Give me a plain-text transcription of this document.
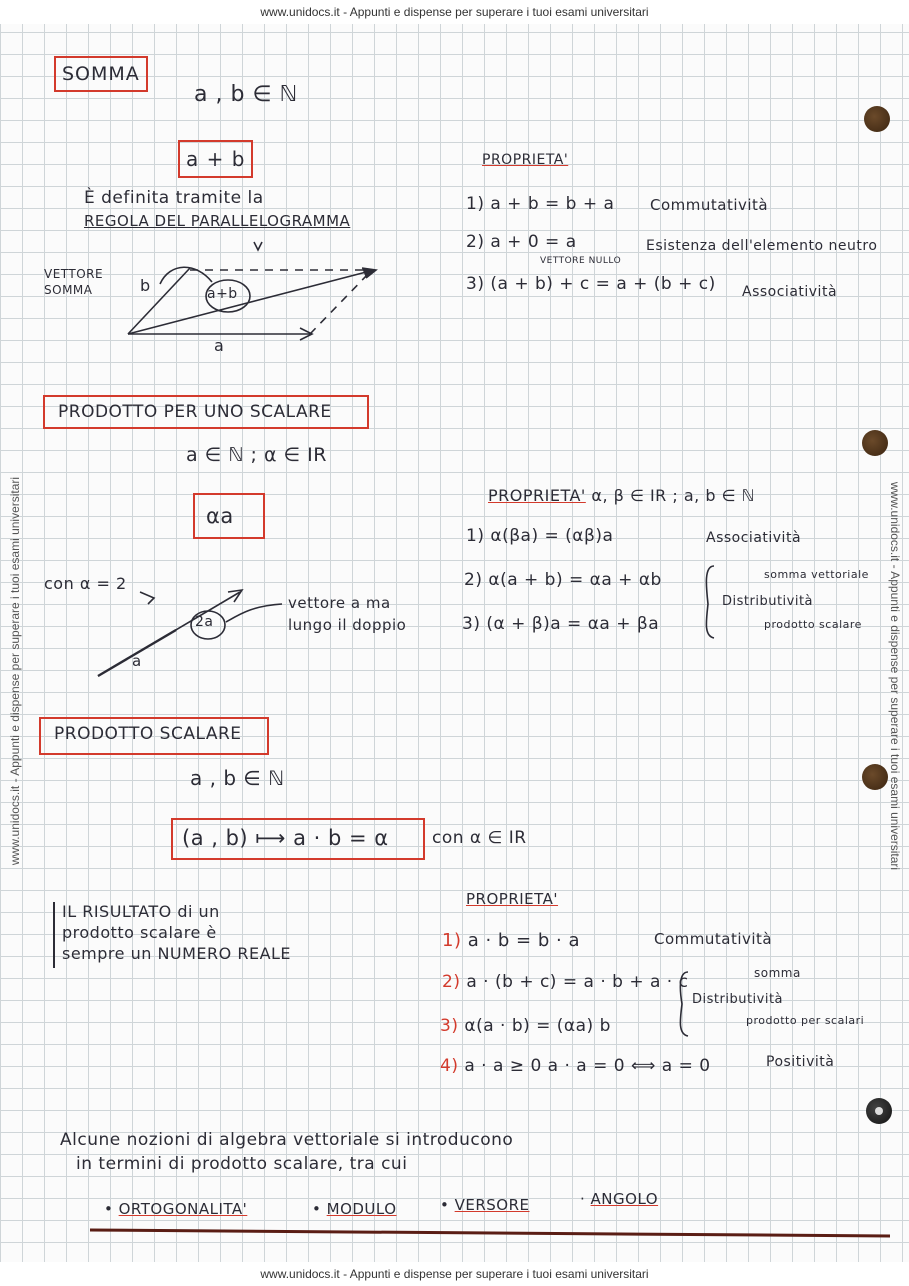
www.unidocs.it - Appunti e dispense per superare i tuoi esami universitari
www.unidocs.it - Appunti e dispense per superare i tuoi esami universitari	www.unidocs.it - Appunti e dispense per superare i tuoi esami universitari
SOMMA
a , b ∈ ℕ
a + b
È definita tramite la
REGOLA DEL PARALLELOGRAMMA
VETTORE SOMMA	b	a+b
a
PRODOTTO PER UNO SCALARE
a ∈ ℕ ; α ∈ IR
αa
con α = 2
a
2a
vettore a ma
lungo il doppio
PRODOTTO SCALARE
a , b ∈ ℕ
(a , b) ⟼ a · b = α	con α ∈ IR
IL RISULTATO di un
prodotto scalare è
sempre un NUMERO REALE
PROPRIETA'
1) a + b = b + a Commutatività
2) a + 0 = a
VETTORE NULLO
Esistenza dell'elemento neutro
3) (a + b) + c = a + (b + c) Associatività
PROPRIETA' α, β ∈ IR ; a, b ∈ ℕ
1) α(βa) = (αβ)a	Associatività
2) α(a + b) = αa + αb	somma vettoriale
Distributività
3) (α + β)a = αa + βa	prodotto scalare
PROPRIETA'
1) a · b = b · a	Commutatività
2) a · (b + c) = a · b + a · c	somma
Distributività
3) α(a · b) = (αa) b	prodotto per scalari
4) a · a ≥ 0 a · a = 0 ⟺ a = 0	Positività
Alcune nozioni di algebra vettoriale si introducono
in termini di prodotto scalare, tra cui
• ORTOGONALITA'	• MODULO	• VERSORE	· ANGOLO
www.unidocs.it - Appunti e dispense per superare i tuoi esami universitari
